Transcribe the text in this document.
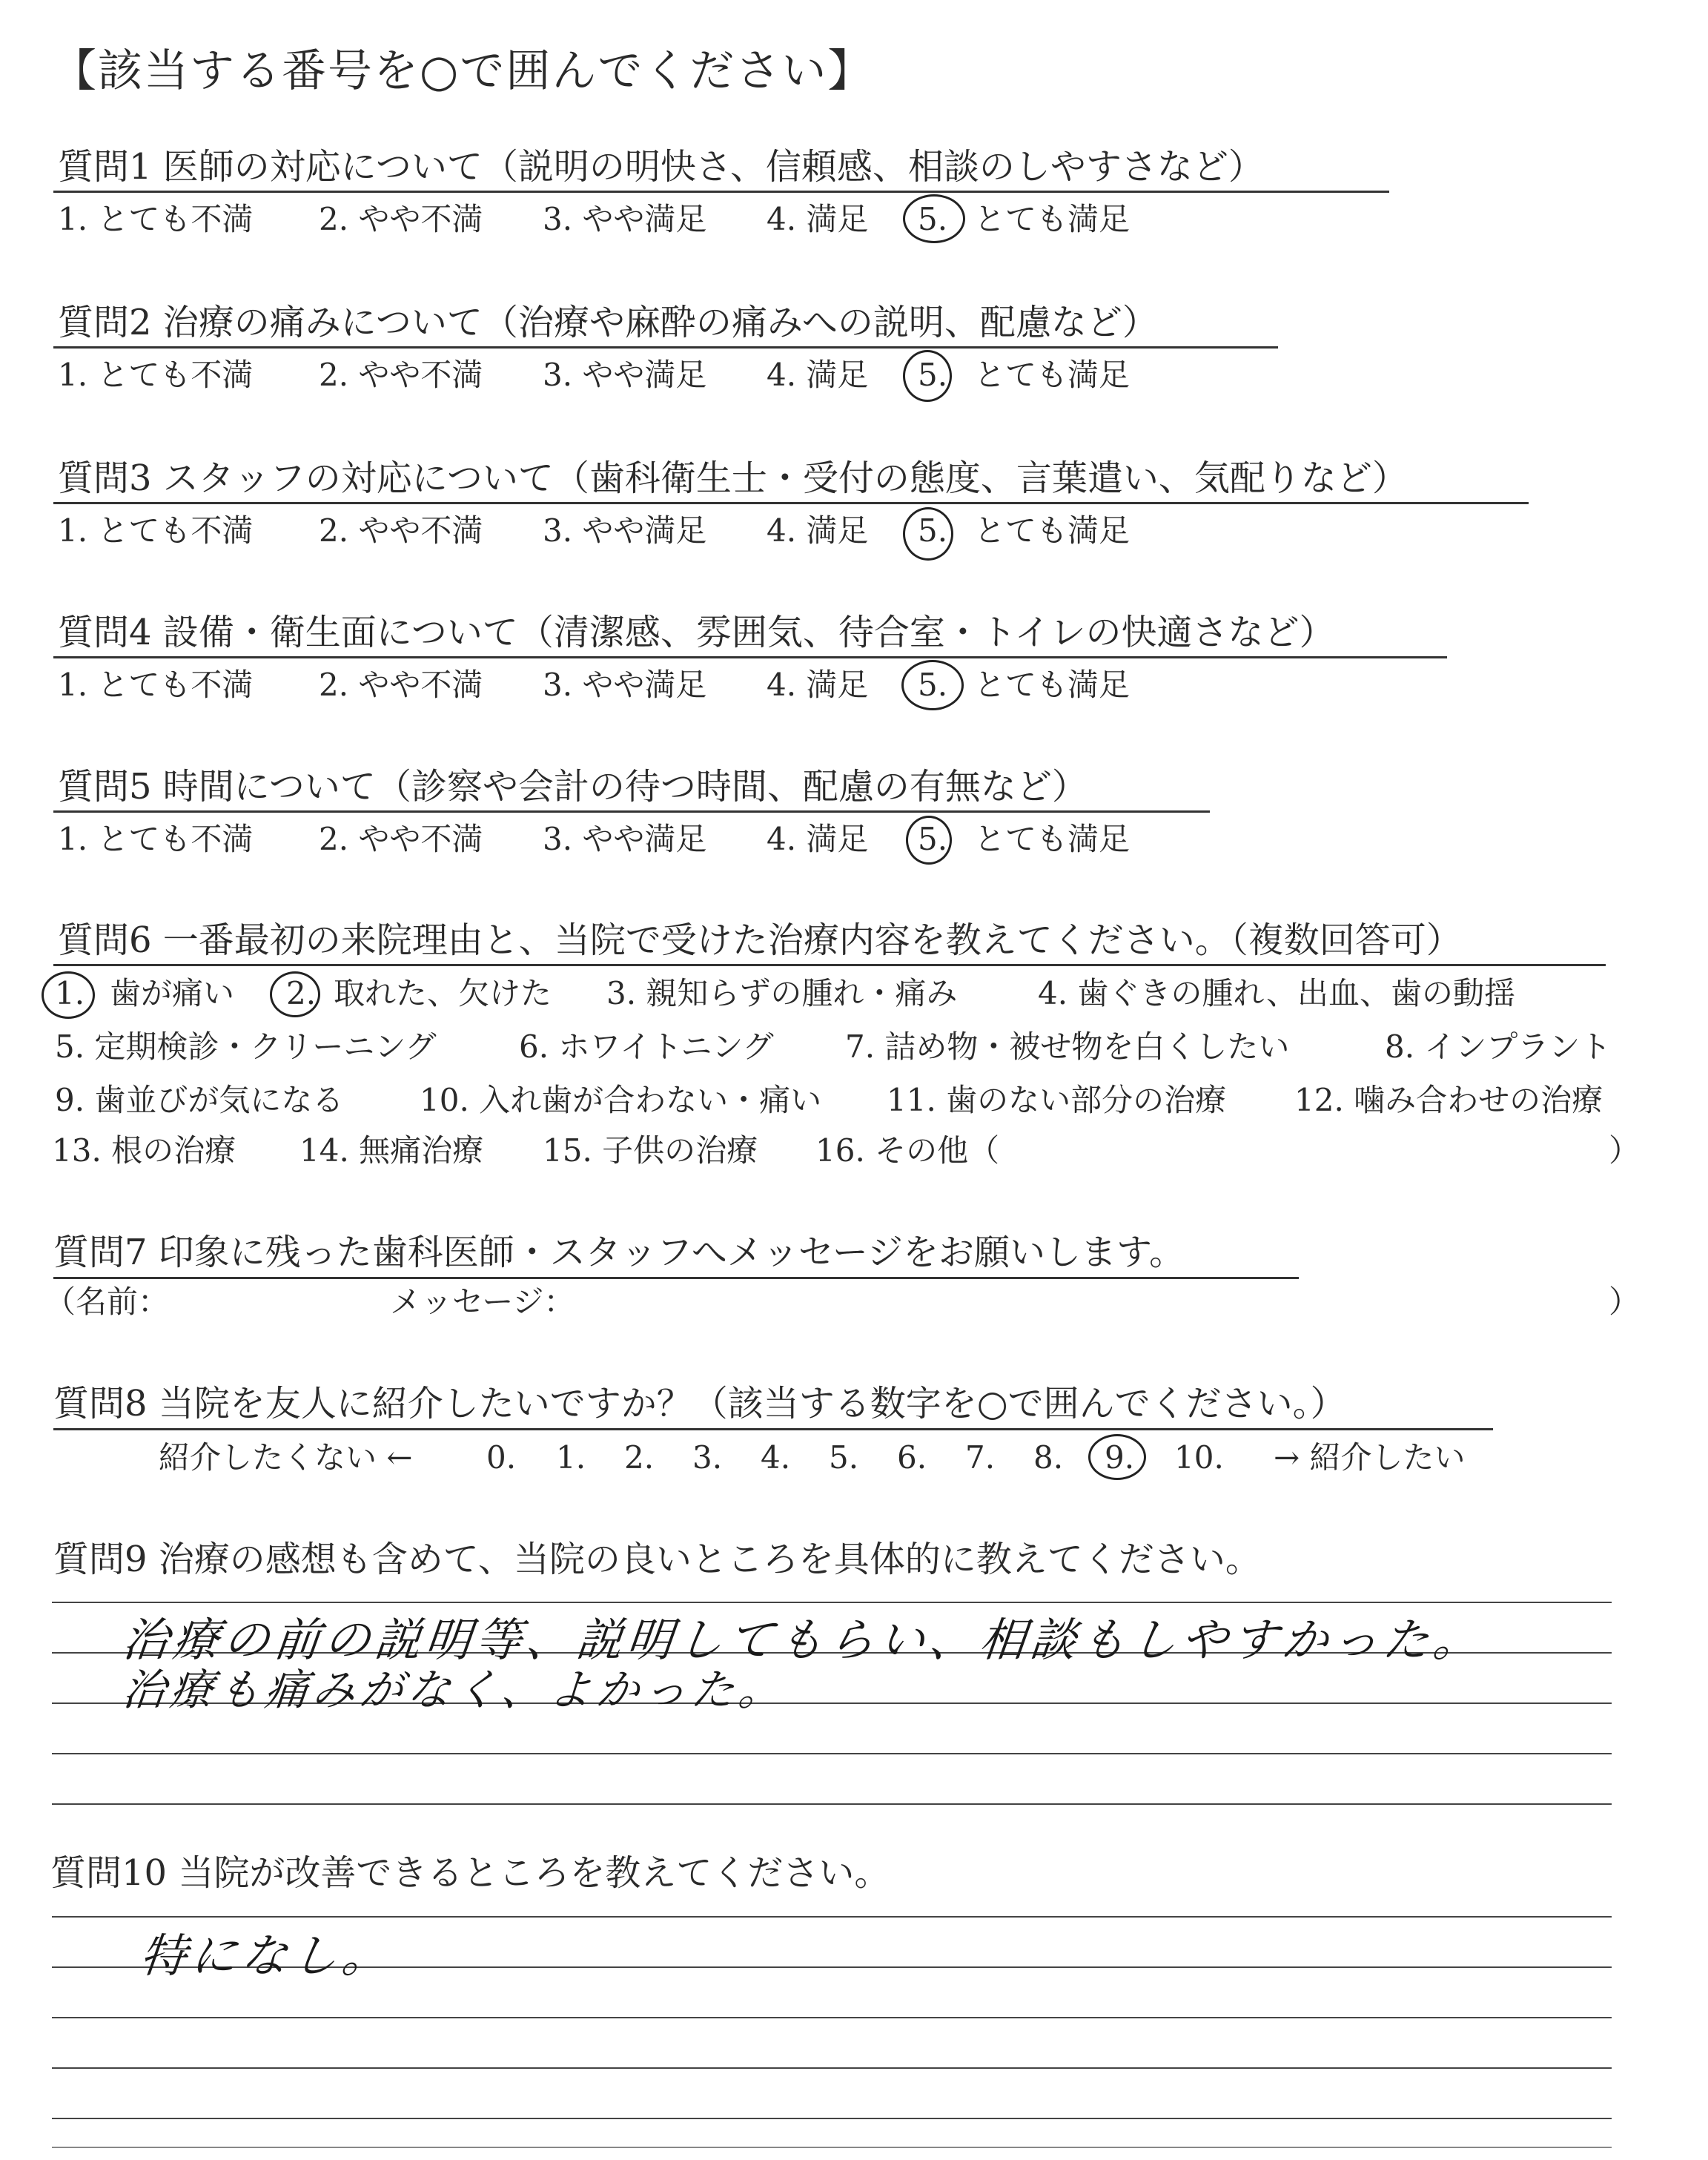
【該当する番号を○で囲んでください】
質問1 医師の対応について（説明の明快さ、信頼感、相談のしやすさなど）
1. とても不満 2. やや不満 3. やや満足 4. 満足 5. とても満足
質問2 治療の痛みについて（治療や麻酔の痛みへの説明、配慮など）
1. とても不満 2. やや不満 3. やや満足 4. 満足 5. とても満足
質問3 スタッフの対応について（歯科衛生士・受付の態度、言葉遣い、気配りなど）
1. とても不満 2. やや不満 3. やや満足 4. 満足 5. とても満足
質問4 設備・衛生面について（清潔感、雰囲気、待合室・トイレの快適さなど）
1. とても不満 2. やや不満 3. やや満足 4. 満足 5. とても満足
質問5 時間について（診察や会計の待つ時間、配慮の有無など）
1. とても不満 2. やや不満 3. やや満足 4. 満足 5. とても満足
質問6 一番最初の来院理由と、当院で受けた治療内容を教えてください。（複数回答可）
1. 歯が痛い 2. 取れた、欠けた 3. 親知らずの腫れ・痛み	4. 歯ぐきの腫れ、出血、歯の動揺
5. 定期検診・クリーニング	6. ホワイトニング 7. 詰め物・被せ物を白くしたい	8. インプラント
9. 歯並びが気になる 10. 入れ歯が合わない・痛い 11. 歯のない部分の治療 12. 噛み合わせの治療
13. 根の治療 14. 無痛治療 15. 子供の治療 16. その他（	）
質問7 印象に残った歯科医師・スタッフへメッセージをお願いします。
（名前：	メッセージ：	）
質問8 当院を友人に紹介したいですか？（該当する数字を○で囲んでください。）
紹介したくない ← 0. 1. 2. 3. 4. 5. 6. 7. 8. 9. 10. → 紹介したい
質問9 治療の感想も含めて、当院の良いところを具体的に教えてください。
治療の前の説明等、説明してもらい、相談もしやすかった。
治療も痛みがなく、よかった。
質問10 当院が改善できるところを教えてください。
特になし。
